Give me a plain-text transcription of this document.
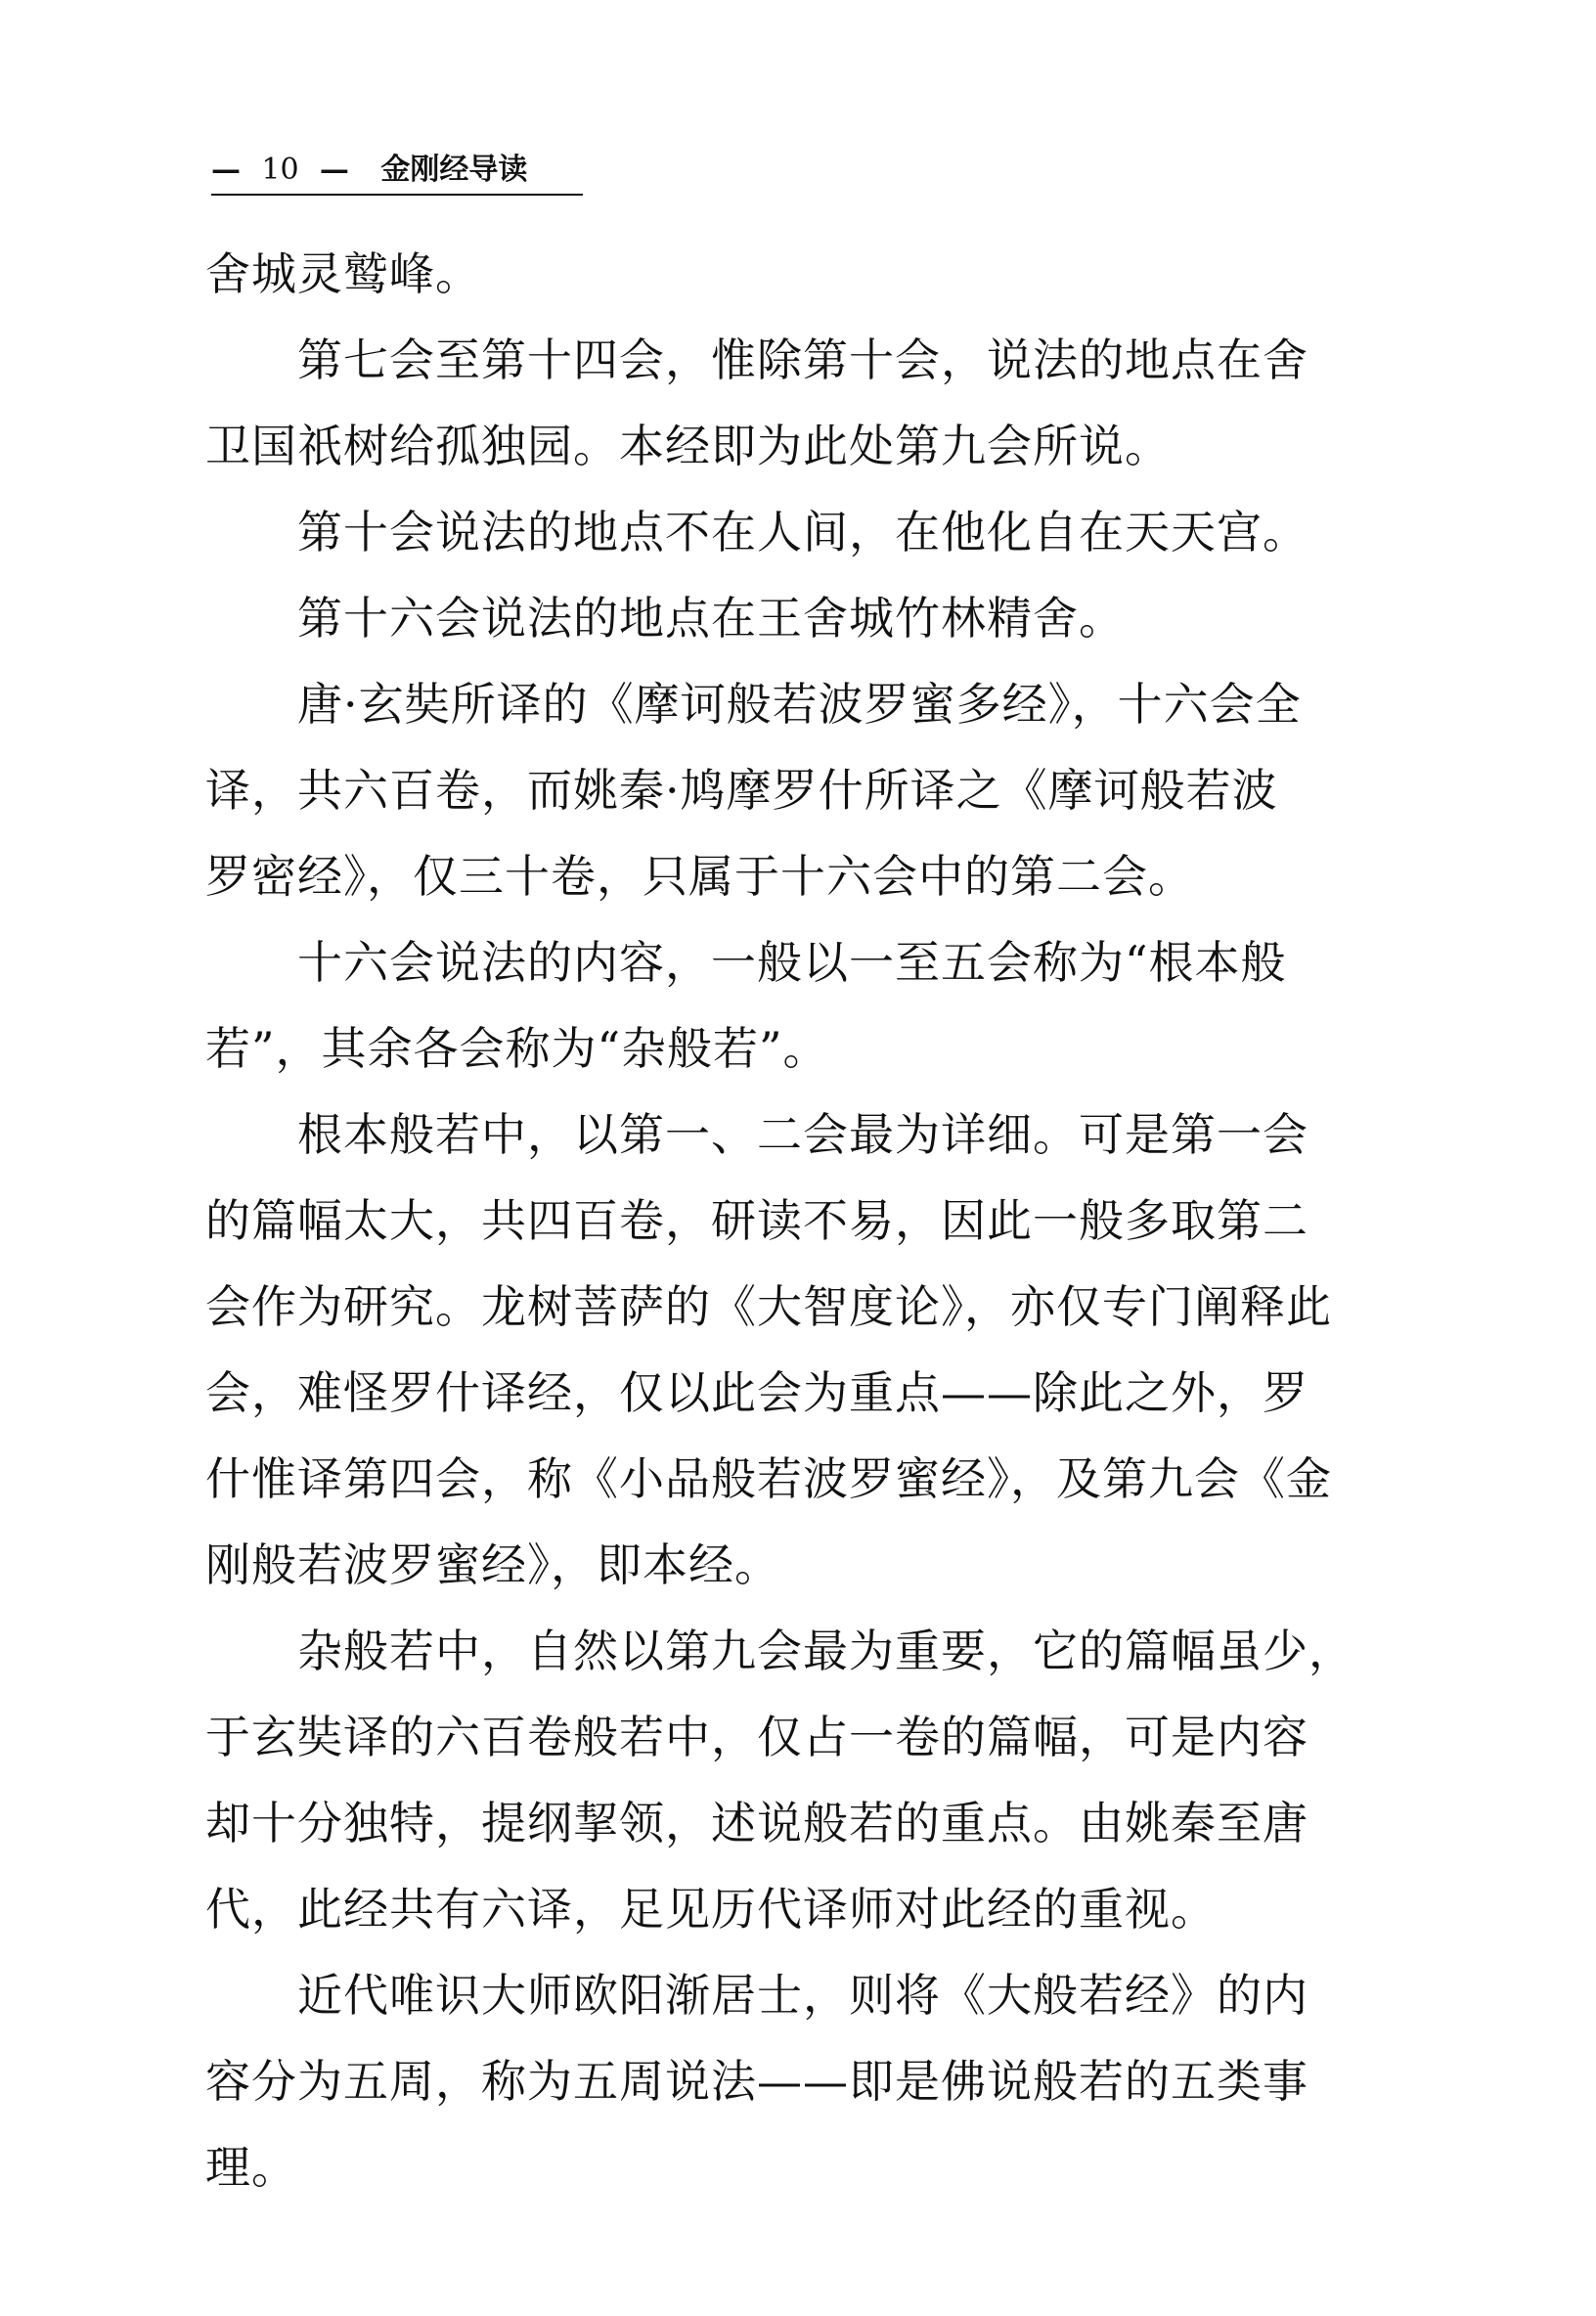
— 10 — 金刚经导读
舍城灵鹫峰。
　　第七会至第十四会，惟除第十会，说法的地点在舍
卫国祇树给孤独园。本经即为此处第九会所说。
　　第十会说法的地点不在人间，在他化自在天天宫。
　　第十六会说法的地点在王舍城竹林精舍。
　　唐·玄奘所译的《摩诃般若波罗蜜多经》，十六会全
译，共六百卷，而姚秦·鸠摩罗什所译之《摩诃般若波
罗密经》，仅三十卷，只属于十六会中的第二会。
　　十六会说法的内容，一般以一至五会称为“根本般
若”，其余各会称为“杂般若”。
　　根本般若中，以第一、二会最为详细。可是第一会
的篇幅太大，共四百卷，研读不易，因此一般多取第二
会作为研究。龙树菩萨的《大智度论》，亦仅专门阐释此
会，难怪罗什译经，仅以此会为重点——除此之外，罗
什惟译第四会，称《小品般若波罗蜜经》，及第九会《金
刚般若波罗蜜经》，即本经。
　　杂般若中，自然以第九会最为重要，它的篇幅虽少，
于玄奘译的六百卷般若中，仅占一卷的篇幅，可是内容
却十分独特，提纲挈领，述说般若的重点。由姚秦至唐
代，此经共有六译，足见历代译师对此经的重视。
　　近代唯识大师欧阳渐居士，则将《大般若经》的内
容分为五周，称为五周说法——即是佛说般若的五类事
理。
